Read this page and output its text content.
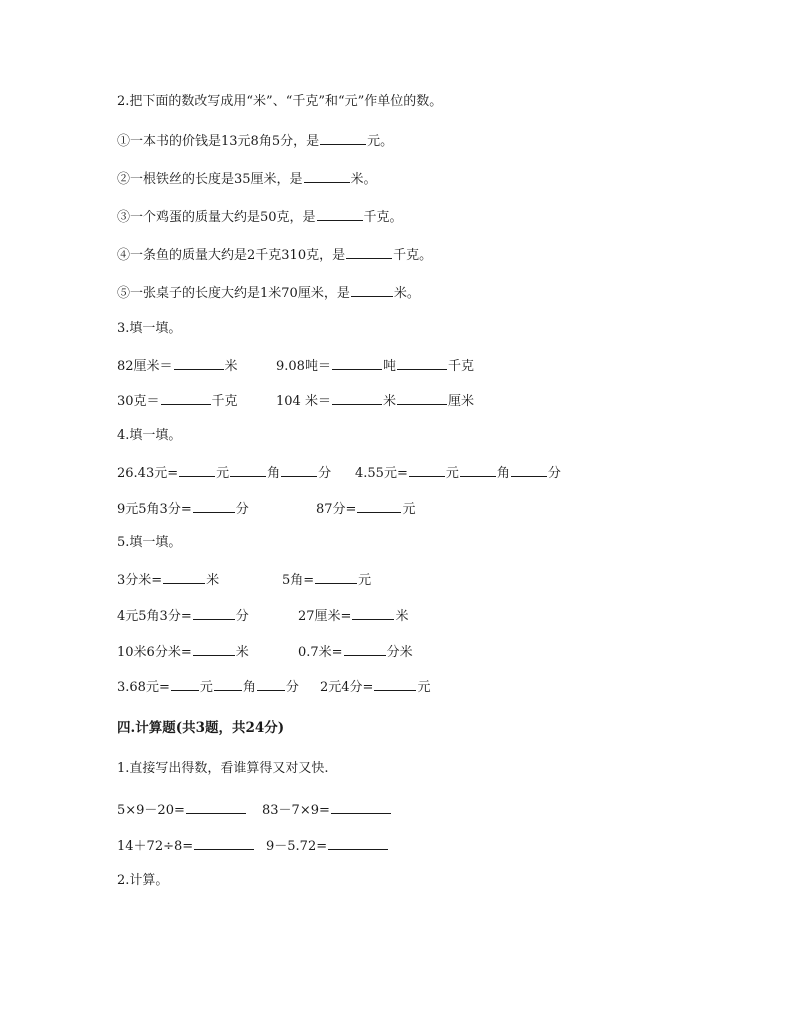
2.把下面的数改写成用“米”、“千克”和“元”作单位的数。
①一本书的价钱是13元8角5分，是	元。
②一根铁丝的长度是35厘米，是	米。
③一个鸡蛋的质量大约是50克，是	千克。
④一条鱼的质量大约是2千克310克，是	千克。
⑤一张桌子的长度大约是1米70厘米，是	米。
3.填一填。
82厘米＝	米	9.08吨＝	吨	千克
30克＝	千克	104 米＝	米	厘米
4.填一填。
26.43元=	元	角	分 4.55元=	元	角	分
9元5角3分=	分	87分=	元
5.填一填。
3分米=	米	5角=	元
4元5角3分=	分	27厘米=	米
10米6分米=	米	0.7米=	分米
3.68元= 元 角 分 2元4分=	元
四.计算题(共3题，共24分)
1.直接写出得数，看谁算得又对又快.
5×9－20=	83－7×9=
14＋72÷8=	9－5.72=
2.计算。
